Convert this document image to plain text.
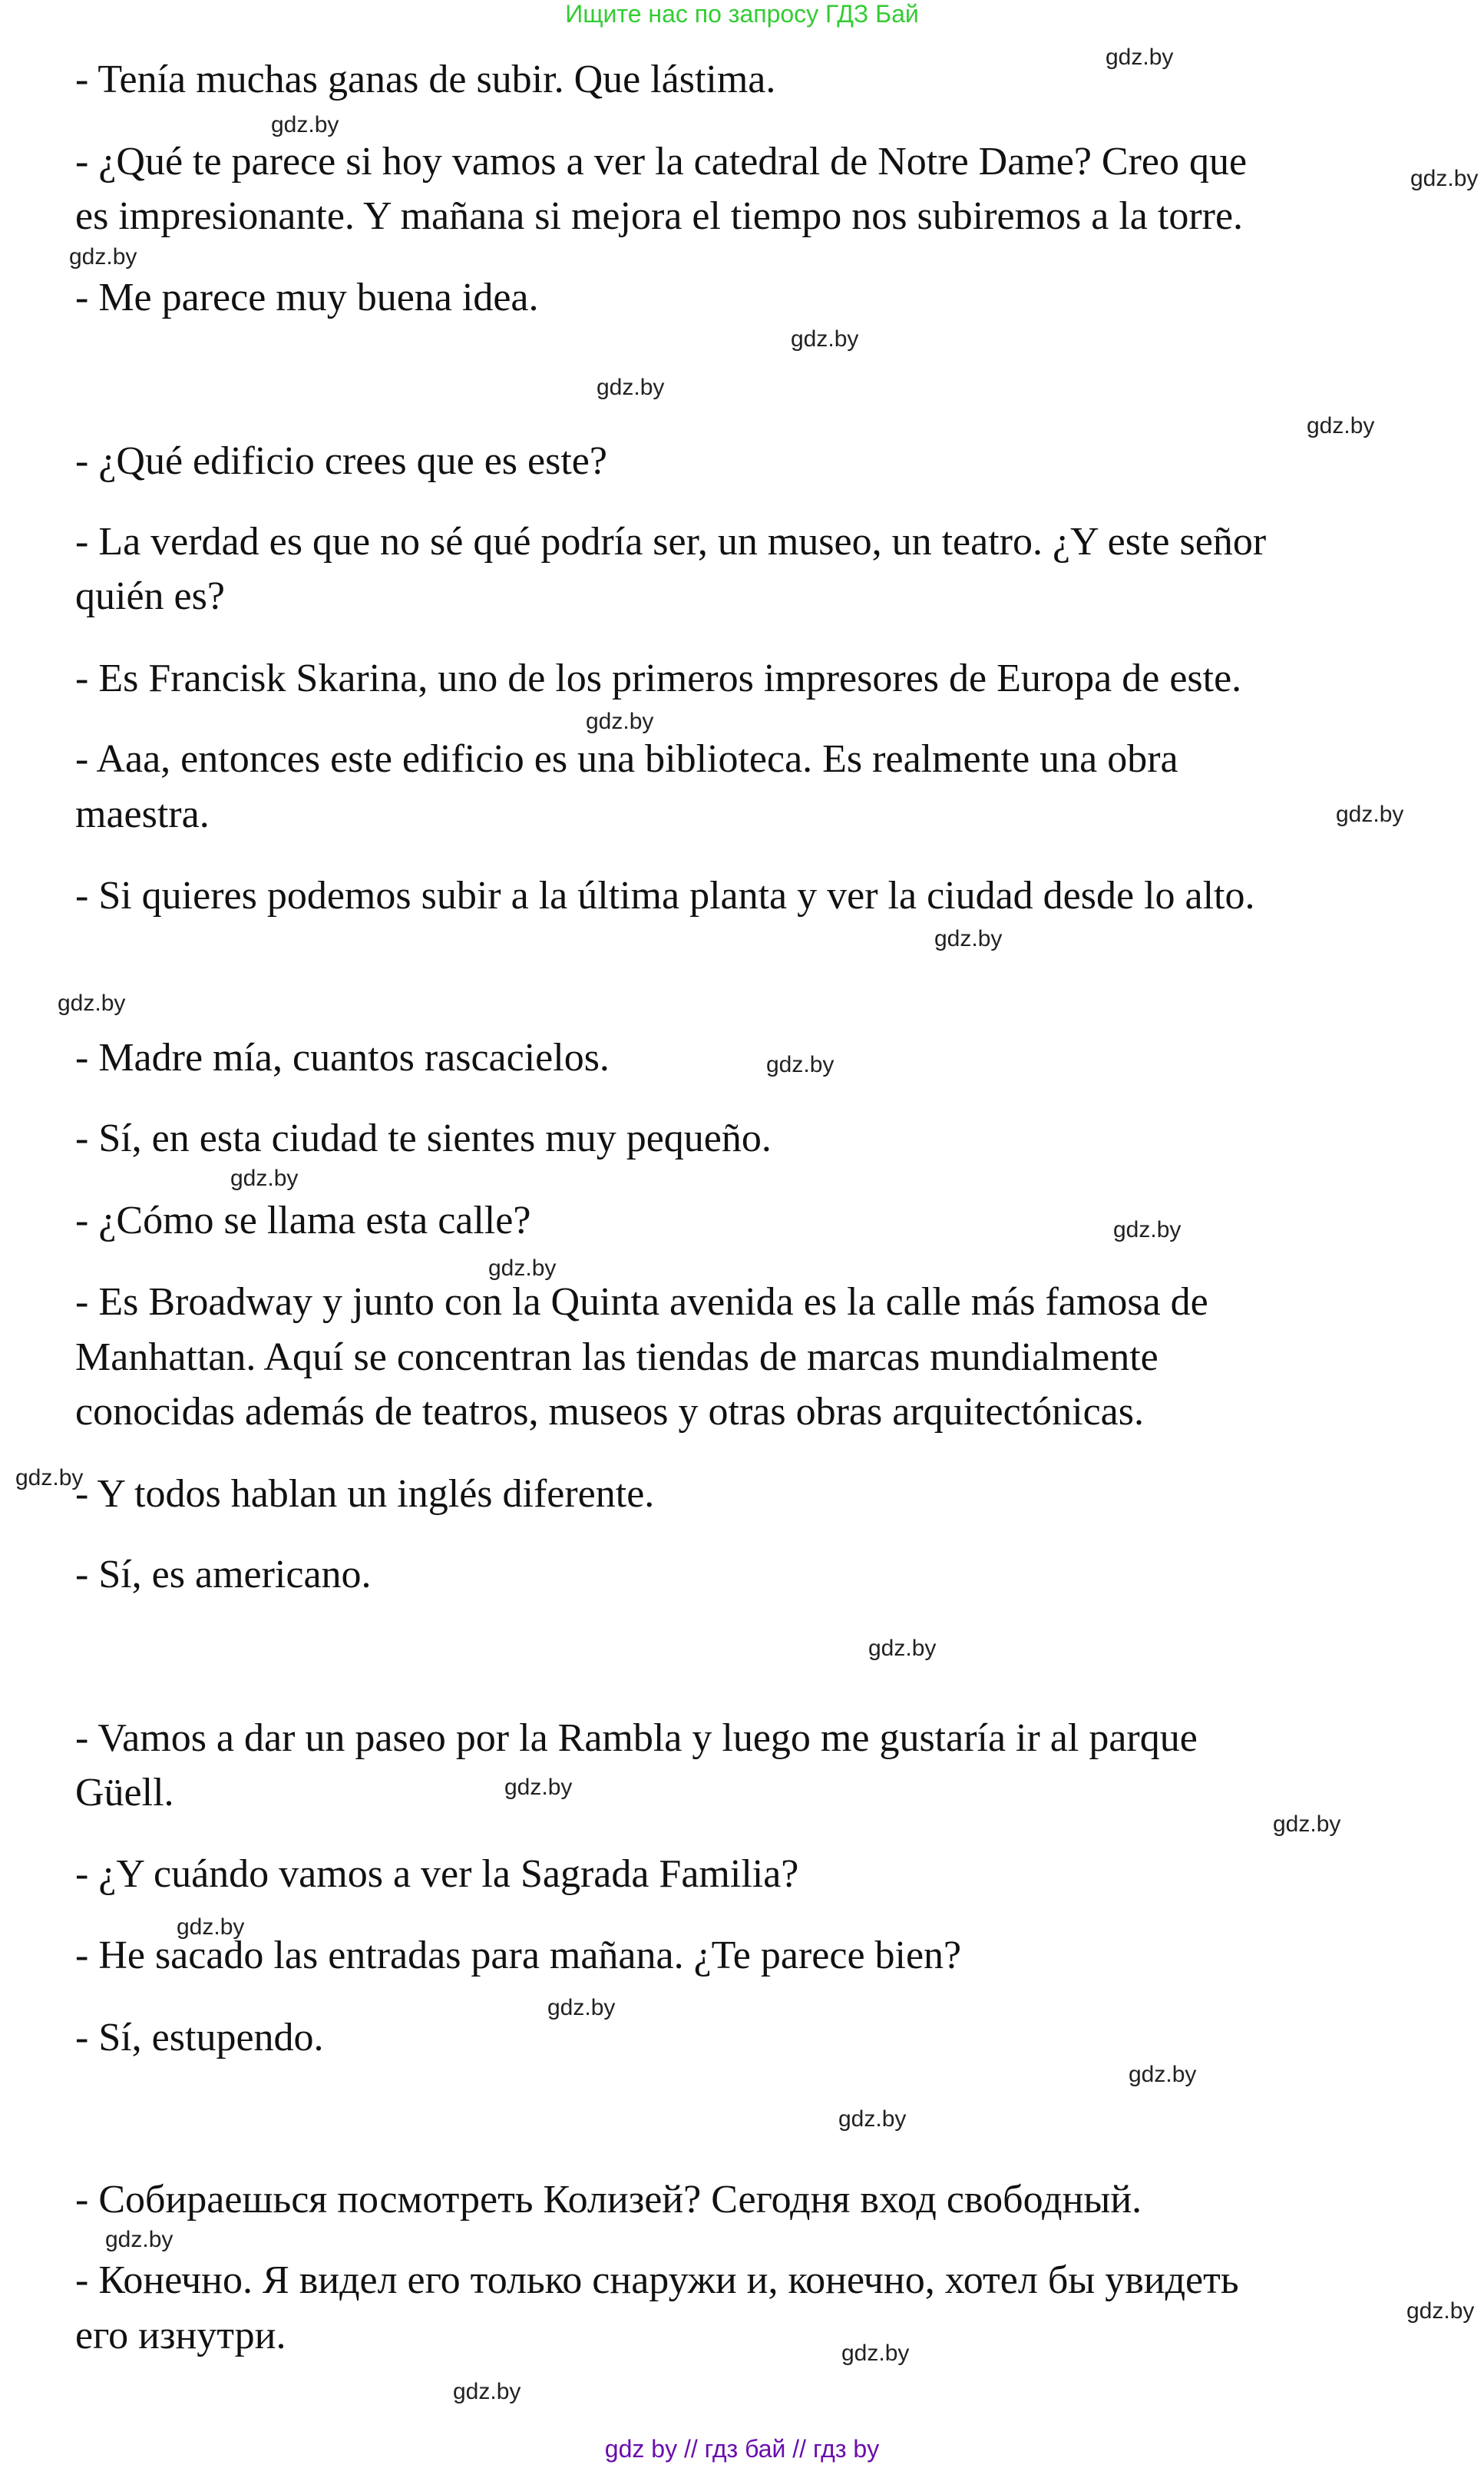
Ищите нас по запросу ГДЗ Бай
- Tenía muchas ganas de subir. Que lástima.
- ¿Qué te parece si hoy vamos a ver la catedral de Notre Dame? Creo que
es impresionante. Y mañana si mejora el tiempo nos subiremos a la torre.
- Me parece muy buena idea.
- ¿Qué edificio crees que es este?
- La verdad es que no sé qué podría ser, un museo, un teatro. ¿Y este señor
quién es?
- Es Francisk Skarina, uno de los primeros impresores de Europa de este.
- Aaa, entonces este edificio es una biblioteca. Es realmente una obra
maestra.
- Si quieres podemos subir a la última planta y ver la ciudad desde lo alto.
- Madre mía, cuantos rascacielos.
- Sí, en esta ciudad te sientes muy pequeño.
- ¿Cómo se llama esta calle?
- Es Broadway y junto con la Quinta avenida es la calle más famosa de
Manhattan. Aquí se concentran las tiendas de marcas mundialmente
conocidas además de teatros, museos y otras obras arquitectónicas.
- Y todos hablan un inglés diferente.
- Sí, es americano.
- Vamos a dar un paseo por la Rambla y luego me gustaría ir al parque
Güell.
- ¿Y cuándo vamos a ver la Sagrada Familia?
- He sacado las entradas para mañana. ¿Te parece bien?
- Sí, estupendo.
- Собираешься посмотреть Колизей? Сегодня вход свободный.
- Конечно. Я видел его только снаружи и, конечно, хотел бы увидеть
его изнутри.
gdz.by
gdz.by
gdz.by
gdz.by
gdz.by
gdz.by
gdz.by
gdz.by
gdz.by
gdz.by
gdz.by
gdz.by
gdz.by
gdz.by
gdz.by
gdz.by
gdz.by
gdz.by
gdz.by
gdz.by
gdz.by
gdz.by
gdz.by
gdz.by
gdz.by
gdz.by
gdz.by
gdz by // гдз бай // гдз by
